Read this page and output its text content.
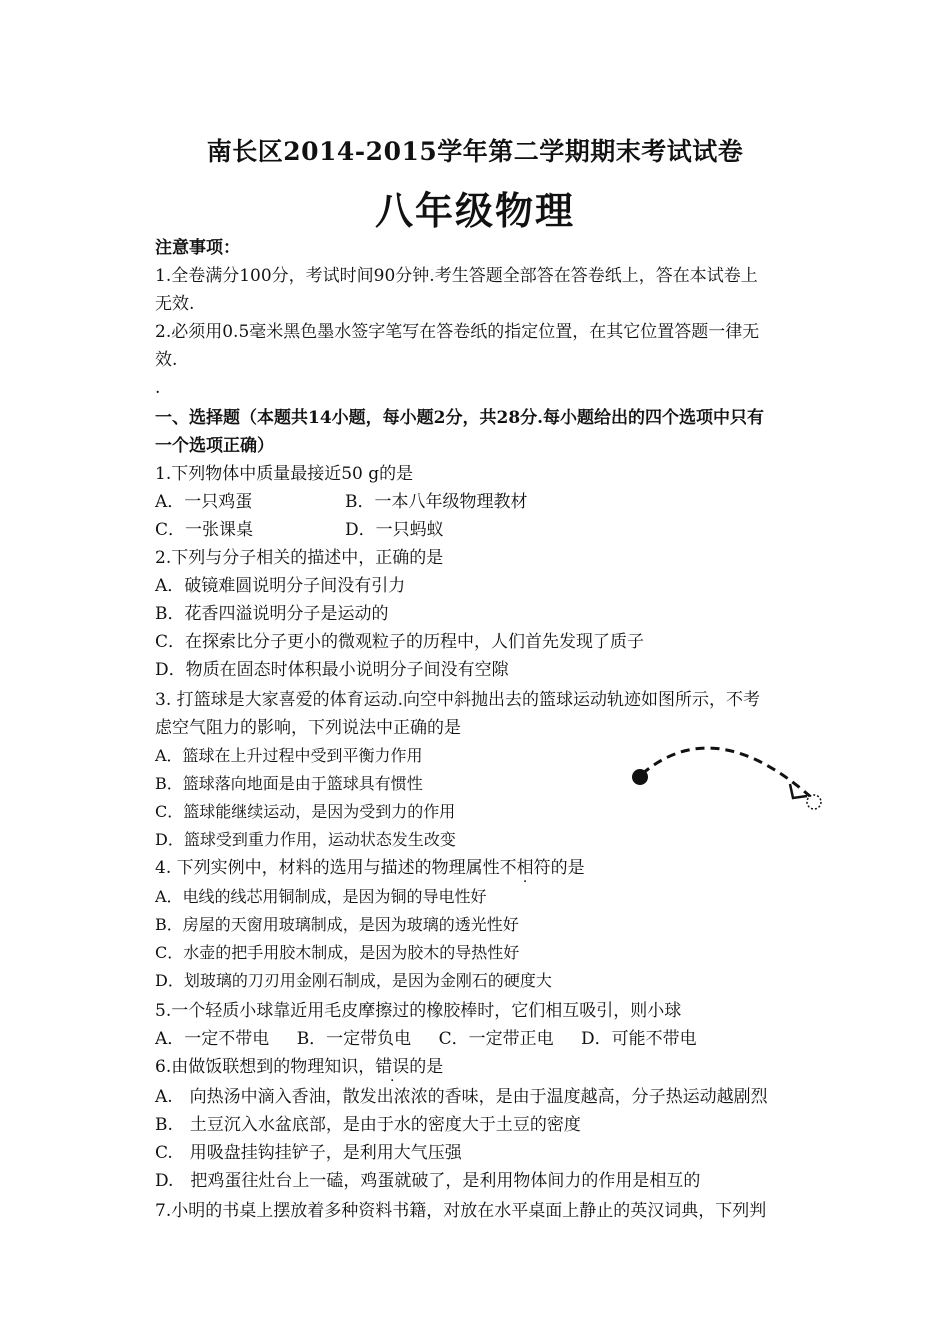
南长区2014-2015学年第二学期期末考试试卷
八年级物理
注意事项：
1.全卷满分100分，考试时间90分钟.考生答题全部答在答卷纸上，答在本试卷上
无效.
2.必须用0.5毫米黑色墨水签字笔写在答卷纸的指定位置，在其它位置答题一律无
效.
.
一、选择题（本题共14小题，每小题2分，共28分.每小题给出的四个选项中只有
一个选项正确）
1.下列物体中质量最接近50 g的是
A．一只鸡蛋	B．一本八年级物理教材
C．一张课桌	D．一只蚂蚁
2.下列与分子相关的描述中，正确的是
A．破镜难圆说明分子间没有引力
B．花香四溢说明分子是运动的
C．在探索比分子更小的微观粒子的历程中，人们首先发现了质子
D．物质在固态时体积最小说明分子间没有空隙
3. 打篮球是大家喜爱的体育运动.向空中斜抛出去的篮球运动轨迹如图所示，不考
虑空气阻力的影响，下列说法中正确的是
A．篮球在上升过程中受到平衡力作用
B．篮球落向地面是由于篮球具有惯性
C．篮球能继续运动，是因为受到力的作用
D．篮球受到重力作用，运动状态发生改变
4. 下列实例中，材料的选用与描述的物理属性不相符的是
A．电线的线芯用铜制成，是因为铜的导电性好
B．房屋的天窗用玻璃制成，是因为玻璃的透光性好
C．水壶的把手用胶木制成，是因为胶木的导热性好
D．划玻璃的刀刃用金刚石制成，是因为金刚石的硬度大
5.一个轻质小球靠近用毛皮摩擦过的橡胶棒时，它们相互吸引，则小球
A．一定不带电 B．一定带负电 C．一定带正电 D．可能不带电
6.由做饭联想到的物理知识，错误的是
A.　向热汤中滴入香油，散发出浓浓的香味，是由于温度越高，分子热运动越剧烈
B.　土豆沉入水盆底部，是由于水的密度大于土豆的密度
C.　用吸盘挂钩挂铲子，是利用大气压强
D.　把鸡蛋往灶台上一磕，鸡蛋就破了，是利用物体间力的作用是相互的
7.小明的书桌上摆放着多种资料书籍，对放在水平桌面上静止的英汉词典，下列判
